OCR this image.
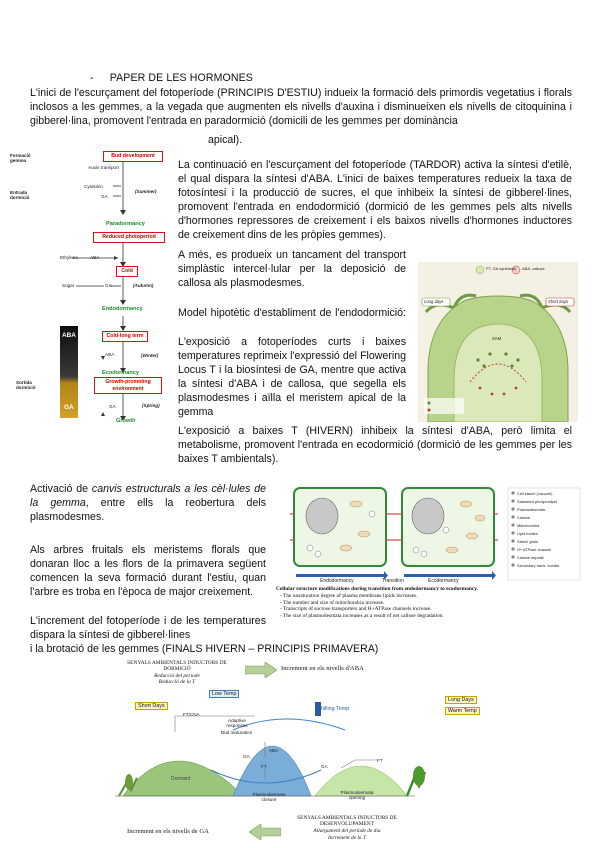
- PAPER DE LES HORMONES
L'inici de l'escurçament del fotoperíode (PRINCIPIS D'ESTIU) indueix la formació dels primordis vegetatius i florals inclosos a les gemmes, a la vegada que augmenten els nivells d'auxina i disminueixen els nivells de citoquinina i gibberel·lina, promovent l'entrada en paradormició (domicili de les gemmes per dominància
apical).
Formació gemma
Entrada dormició
Sortida dormició
ABA
GA
Bud development
Auxin transport
Cytokinin
GA
(Summer)
Paradormancy
Reduced photoperiod
Ethylene	ABA
Cold
Sugar	GA	(Autumn)
Endodormancy
Cold-long term
ABA	(Winter)
Ecodormancy
Growth-promoting environment
GA	(Spring)
Growth
La continuació en l'escurçament del fotoperíode (TARDOR) activa la síntesi d'etilè, el qual dispara la síntesi d'ABA. L'inici de baixes temperatures redueix la taxa de fotosíntesi i la producció de sucres, el que inhibeix la síntesi de gibberel·lines, promovent l'entrada en endodormició (dormició de les gemmes pels alts nivells d'hormones repressores de creixement i els baixos nivells d'hormones inductores de creixement dins de les pròpies gemmes).
A més, es produeix un tancament del transport simplàstic intercel·lular per la deposició de callosa als plasmodesmes.
Model hipotètic d'establiment de l'endodormició:
L'exposició a fotoperíodes curts i baixes temperatures reprimeix l'expressió del Flowering Locus T i la biosíntesi de GA, mentre que activa la síntesi d'ABA i de callosa, que segella els plasmodesmes i aïlla el meristem apical de la gemma
Long days	Short days
FT, GA synthesis ABA, callose
SAM
L'exposició a baixes T (HIVERN) inhibeix la síntesi d'ABA, però limita el metabolisme, promovent l'entrada en ecodormició (dormició de les gemmes per les baixes T ambientals).
Activació de canvis estructurals a les cèl·lules de la gemma, entre ells la reobertura dels plasmodesmes.
Als arbres fruitals els meristems florals que donaran lloc a les flors de la primavera següent comencen la seva formació durant l'estiu, quan l'arbre es troba en l'època de major creixement.
L'increment del fotoperíode i de les temperatures dispara la síntesi de gibberel·lines
i la brotació de les gemmes (FINALS HIVERN – PRINCIPIS PRIMAVERA)
Endodormancy	Transition	Ecodormancy
Cell starch (vacuole)
Saturated phospholipid
Plasmodesmata
Callose
Mitochondria
Lipid bodies
Starch grain
H+ ATPase channel
Callose deposit
Secondary trans. bundle
Cellular structure modifications during transition from endodormancy to ecodormancy.
- The unsaturation degree of plasma membrane lipids increases.
- The number and size of mitochondria increase.
- Transcripts of sucrose transporters and H+ATPase channels increase.
- The size of plasmodesmata increases as a result of net callose degradation.
SENYALS AMBIENTALS INDUCTORS DE DORMICIÓ
Reducció del període
Reducció de la T
Increment en els nivells d'ABA
Low Temp
Short Days
Long Days
Warm Temp
Chilling Temp
FT/CNA
Adaptive responses
Bud maturation
Dormant
ABA
GA
GA
FT
FT
Plasmodesmata closure
Plasmodesmata opening
Increment en els nivells de GA
SENYALS AMBIENTALS INDUCTORS DE DESENVOLUPAMENT
Allargament del període de dia
Increment de la T
